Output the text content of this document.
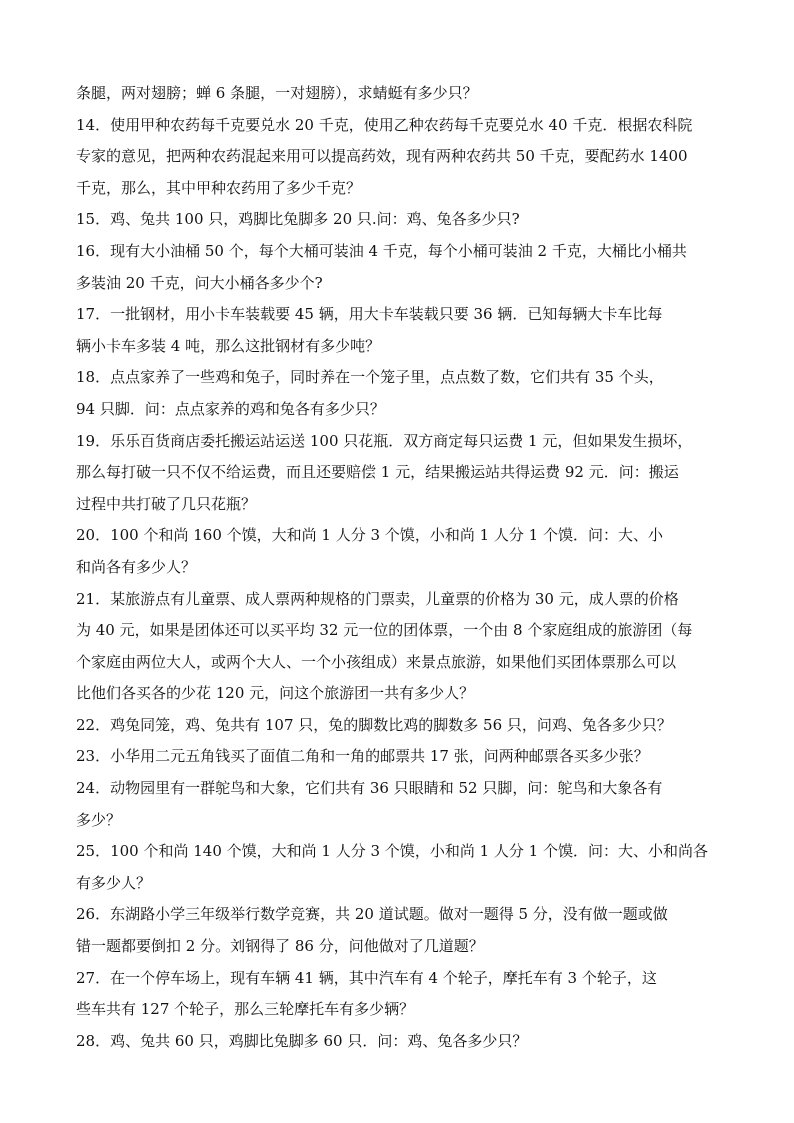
条腿，两对翅膀；蝉 6 条腿，一对翅膀），求蜻蜓有多少只？
14．使用甲种农药每千克要兑水 20 千克，使用乙种农药每千克要兑水 40 千克．根据农科院
专家的意见，把两种农药混起来用可以提高药效，现有两种农药共 50 千克，要配药水 1400
千克，那么，其中甲种农药用了多少千克？
15．鸡、兔共 100 只，鸡脚比兔脚多 20 只.问：鸡、兔各多少只?
16．现有大小油桶 50 个，每个大桶可装油 4 千克，每个小桶可装油 2 千克，大桶比小桶共
多装油 20 千克，问大小桶各多少个?
17．一批钢材，用小卡车装载要 45 辆，用大卡车装载只要 36 辆．已知每辆大卡车比每
辆小卡车多装 4 吨，那么这批钢材有多少吨？
18．点点家养了一些鸡和兔子，同时养在一个笼子里，点点数了数，它们共有 35 个头，
94 只脚．问：点点家养的鸡和兔各有多少只？
19．乐乐百货商店委托搬运站运送 100 只花瓶．双方商定每只运费 1 元，但如果发生损坏，
那么每打破一只不仅不给运费，而且还要赔偿 1 元，结果搬运站共得运费 92 元．问：搬运
过程中共打破了几只花瓶？
20．100 个和尚 160 个馍，大和尚 1 人分 3 个馍，小和尚 1 人分 1 个馍．问：大、小
和尚各有多少人？
21．某旅游点有儿童票、成人票两种规格的门票卖，儿童票的价格为 30 元，成人票的价格
为 40 元，如果是团体还可以买平均 32 元一位的团体票，一个由 8 个家庭组成的旅游团（每
个家庭由两位大人，或两个大人、一个小孩组成）来景点旅游，如果他们买团体票那么可以
比他们各买各的少花 120 元，问这个旅游团一共有多少人？
22．鸡兔同笼，鸡、兔共有 107 只，兔的脚数比鸡的脚数多 56 只，问鸡、兔各多少只？
23．小华用二元五角钱买了面值二角和一角的邮票共 17 张，问两种邮票各买多少张？
24．动物园里有一群鸵鸟和大象，它们共有 36 只眼睛和 52 只脚，问：鸵鸟和大象各有
多少？
25．100 个和尚 140 个馍，大和尚 1 人分 3 个馍，小和尚 1 人分 1 个馍．问：大、小和尚各
有多少人？
26．东湖路小学三年级举行数学竞赛，共 20 道试题。做对一题得 5 分，没有做一题或做
错一题都要倒扣 2 分。刘钢得了 86 分，问他做对了几道题？
27．在一个停车场上，现有车辆 41 辆，其中汽车有 4 个轮子，摩托车有 3 个轮子，这
些车共有 127 个轮子，那么三轮摩托车有多少辆？
28．鸡、兔共 60 只，鸡脚比兔脚多 60 只．问：鸡、兔各多少只？
